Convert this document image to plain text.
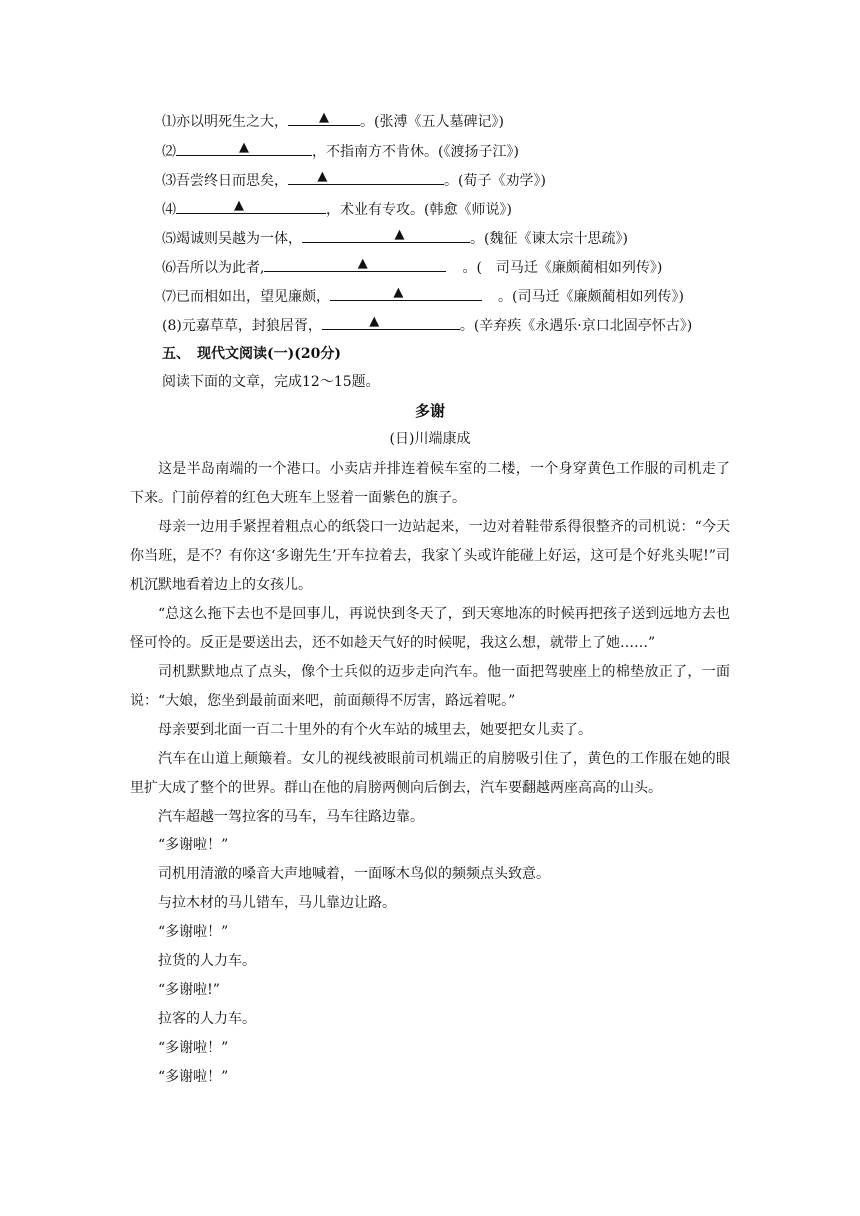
⑴亦以明死生之大， ▲ 。(张溥《五人墓碑记》)
⑵	▲	，不指南方不肯休。(《渡扬子江》)
⑶吾尝终日而思矣， ▲	。(荀子《劝学》)
⑷	▲	，术业有专攻。(韩愈《师说》)
⑸竭诚则吴越为一体，	▲	。(魏征《谏太宗十思疏》)
⑹吾所以为此者,	▲	。(　司马迁《廉颇蔺相如列传》)
⑺已而相如出，望见廉颇，	▲	。(司马迁《廉颇蔺相如列传》)
(8)元嘉草草，封狼居胥，	▲	。(辛弃疾《永遇乐·京口北固亭怀古》)
五、　现代文阅读(一)(20分)
阅读下面的文章，完成12～15题。
多谢
(日)川端康成
这是半岛南端的一个港口。小卖店并排连着候车室的二楼，一个身穿黄色工作服的司机走了下来。门前停着的红色大班车上竖着一面紫色的旗子。
母亲一边用手紧捏着粗点心的纸袋口一边站起来，一边对着鞋带系得很整齐的司机说：“今天你当班，是不？有你这‘多谢先生’开车拉着去，我家丫头或许能碰上好运，这可是个好兆头呢!”司机沉默地看着边上的女孩儿。
“总这么拖下去也不是回事儿，再说快到冬天了，到天寒地冻的时候再把孩子送到远地方去也怪可怜的。反正是要送出去，还不如趁天气好的时候呢，我这么想，就带上了她……”
司机默默地点了点头，像个士兵似的迈步走向汽车。他一面把驾驶座上的棉垫放正了，一面说：“大娘，您坐到最前面来吧，前面颠得不厉害，路远着呢。”
母亲要到北面一百二十里外的有个火车站的城里去，她要把女儿卖了。
汽车在山道上颠簸着。女儿的视线被眼前司机端正的肩膀吸引住了，黄色的工作服在她的眼里扩大成了整个的世界。群山在他的肩膀两侧向后倒去，汽车要翻越两座高高的山头。
汽车超越一驾拉客的马车，马车往路边靠。
“多谢啦！”
司机用清澈的嗓音大声地喊着，一面啄木鸟似的频频点头致意。
与拉木材的马儿错车，马儿靠边让路。
“多谢啦！”
拉货的人力车。
“多谢啦!”
拉客的人力车。
“多谢啦！”
“多谢啦！”
